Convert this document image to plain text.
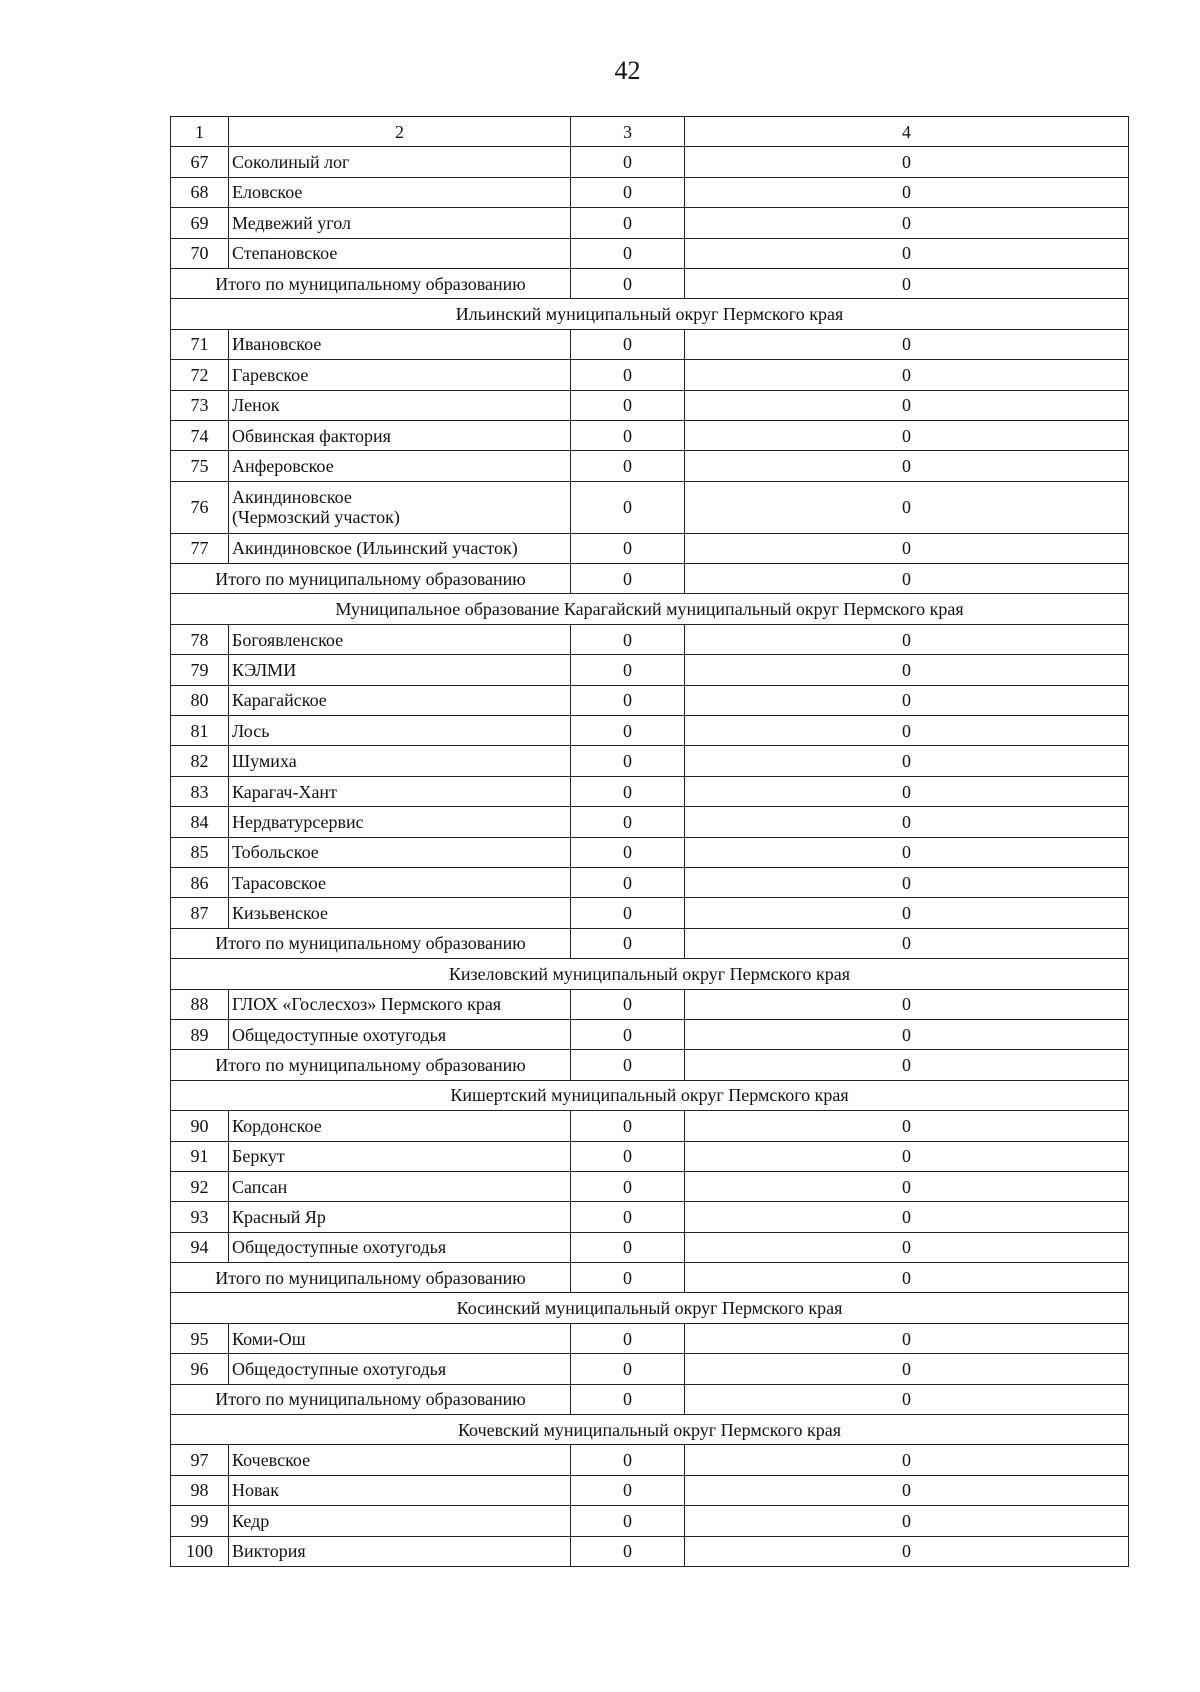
42
1	2	3	4
67	Соколиный лог	0	0
68	Еловское	0	0
69	Медвежий угол	0	0
70	Степановское	0	0
Итого по муниципальному образованию		0	0
Ильинский муниципальный округ Пермского края			
71	Ивановское	0	0
72	Гаревское	0	0
73	Ленок	0	0
74	Обвинская фактория	0	0
75	Анферовское	0	0
76	Акиндиновское
(Чермозский участок)	0	0
77	Акиндиновское (Ильинский участок)	0	0
Итого по муниципальному образованию		0	0
Муниципальное образование Карагайский муниципальный округ Пермского края			
78	Богоявленское	0	0
79	КЭЛМИ	0	0
80	Карагайское	0	0
81	Лось	0	0
82	Шумиха	0	0
83	Карагач-Хант	0	0
84	Нердватурсервис	0	0
85	Тобольское	0	0
86	Тарасовское	0	0
87	Кизьвенское	0	0
Итого по муниципальному образованию		0	0
Кизеловский муниципальный округ Пермского края			
88	ГЛОХ «Гослесхоз» Пермского края	0	0
89	Общедоступные охотугодья	0	0
Итого по муниципальному образованию		0	0
Кишертский муниципальный округ Пермского края			
90	Кордонское	0	0
91	Беркут	0	0
92	Сапсан	0	0
93	Красный Яр	0	0
94	Общедоступные охотугодья	0	0
Итого по муниципальному образованию		0	0
Косинский муниципальный округ Пермского края			
95	Коми-Ош	0	0
96	Общедоступные охотугодья	0	0
Итого по муниципальному образованию		0	0
Кочевский муниципальный округ Пермского края			
97	Кочевское	0	0
98	Новак	0	0
99	Кедр	0	0
100	Виктория	0	0
